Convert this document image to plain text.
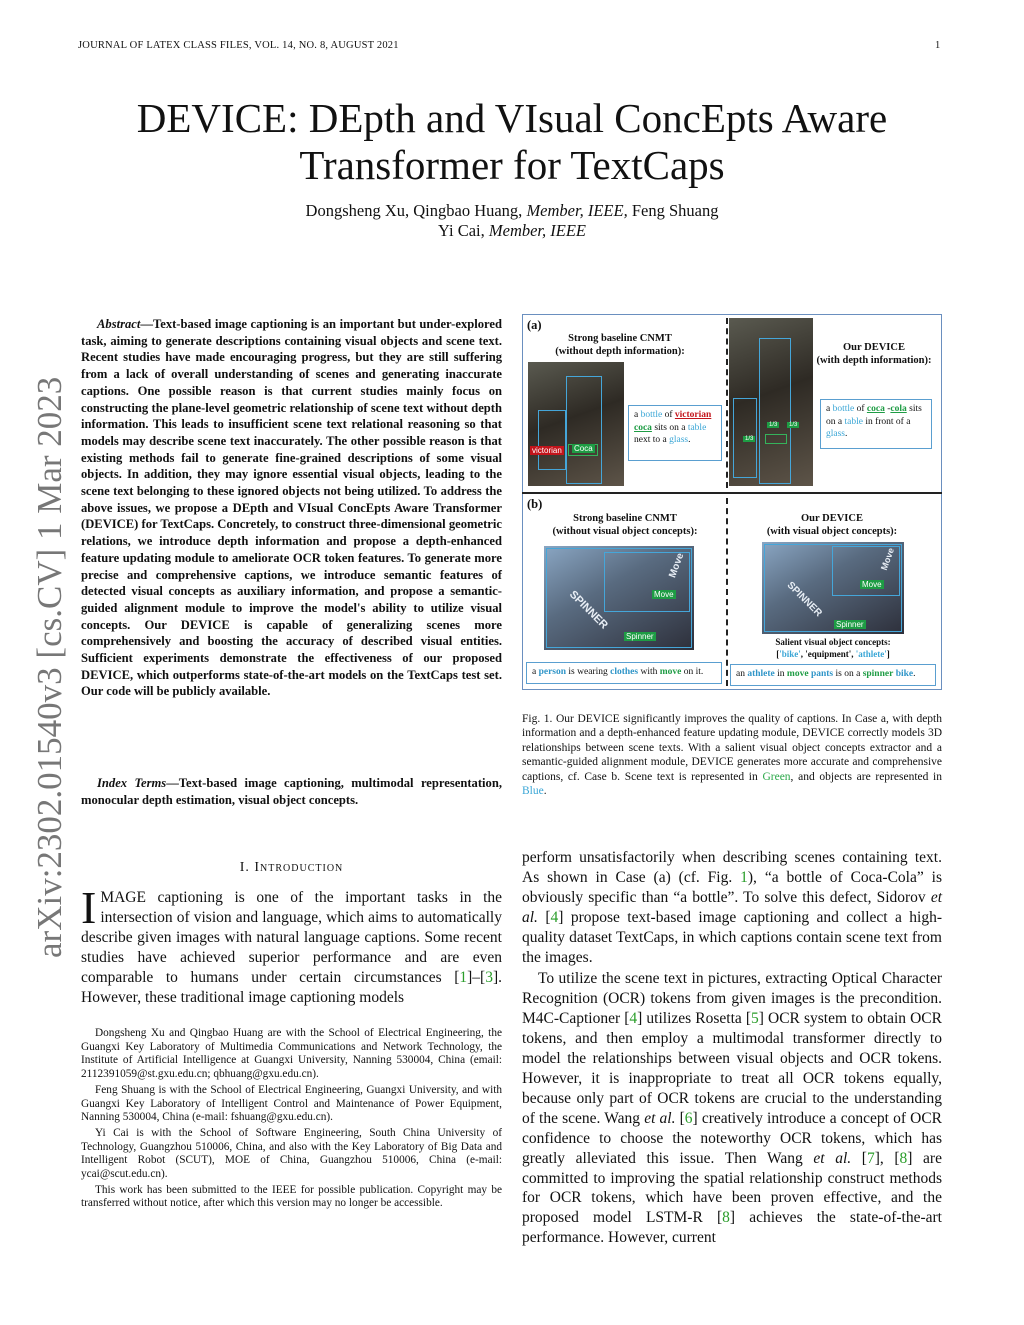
JOURNAL OF LATEX CLASS FILES, VOL. 14, NO. 8, AUGUST 2021	1
arXiv:2302.01540v3 [cs.CV] 1 Mar 2023
DEVICE: DEpth and VIsual ConcEpts Aware
Transformer for TextCaps
Dongsheng Xu, Qingbao Huang, Member, IEEE, Feng Shuang
Yi Cai, Member, IEEE
Abstract—Text-based image captioning is an important but under-explored task, aiming to generate descriptions containing visual objects and scene text. Recent studies have made encouraging progress, but they are still suffering from a lack of overall understanding of scenes and generating inaccurate captions. One possible reason is that current studies mainly focus on constructing the plane-level geometric relationship of scene text without depth information. This leads to insufficient scene text relational reasoning so that models may describe scene text inaccurately. The other possible reason is that existing methods fail to generate fine-grained descriptions of some visual objects. In addition, they may ignore essential visual objects, leading to the scene text belonging to these ignored objects not being utilized. To address the above issues, we propose a DEpth and VIsual ConcEpts Aware Transformer (DEVICE) for TextCaps. Concretely, to construct three-dimensional geometric relations, we introduce depth information and propose a depth-enhanced feature updating module to ameliorate OCR token features. To generate more precise and comprehensive captions, we introduce semantic features of detected visual concepts as auxiliary information, and propose a semantic-guided alignment module to improve the model's ability to utilize visual concepts. Our DEVICE is capable of generalizing scenes more comprehensively and boosting the accuracy of described visual entities. Sufficient experiments demonstrate the effectiveness of our proposed DEVICE, which outperforms state-of-the-art models on the TextCaps test set. Our code will be publicly available.
Index Terms—Text-based image captioning, multimodal representation, monocular depth estimation, visual object concepts.
I. Introduction
IMAGE captioning is one of the important tasks in the intersection of vision and language, which aims to automatically describe given images with natural language captions. Some recent studies have achieved superior performance and are even comparable to humans under certain circumstances [1]–[3]. However, these traditional image captioning models

Dongsheng Xu and Qingbao Huang are with the School of Electrical Engineering, the Guangxi Key Laboratory of Multimedia Communications and Network Technology, the Institute of Artificial Intelligence at Guangxi University, Nanning 530004, China (email: 2112391059@st.gxu.edu.cn; qbhuang@gxu.edu.cn).

Feng Shuang is with the School of Electrical Engineering, Guangxi University, and with Guangxi Key Laboratory of Intelligent Control and Maintenance of Power Equipment, Nanning 530004, China (e-mail: fshuang@gxu.edu.cn).

Yi Cai is with the School of Software Engineering, South China University of Technology, Guangzhou 510006, China, and also with the Key Laboratory of Big Data and Intelligent Robot (SCUT), MOE of China, Guangzhou 510006, China (e-mail: ycai@scut.edu.cn).

This work has been submitted to the IEEE for possible publication. Copyright may be transferred without notice, after which this version may no longer be accessible.

(a)
(b)
Strong baseline CNMT
(without depth information):
victorian Coca
a bottle of victorian coca sits on a table next to a glass.	1/3
1/3	1/3
Our DEVICE
(with depth information):
a bottle of coca -cola sits on a table in front of a glass.
Strong baseline CNMT
(without visual object concepts):
SPINNER
Move
Move
Spinner
a person is wearing clothes with move on it.
Our DEVICE
(with visual object concepts):
SPINNER
Move
Move
Spinner
Salient visual object concepts:
['bike', 'equipment', 'athlete']
an athlete in move pants is on a spinner bike.
Fig. 1. Our DEVICE significantly improves the quality of captions. In Case a, with depth information and a depth-enhanced feature updating module, DEVICE correctly models 3D relationships between scene texts. With a salient visual object concepts extractor and a semantic-guided alignment module, DEVICE generates more accurate and comprehensive captions, cf. Case b. Scene text is represented in Green, and objects are represented in Blue.

perform unsatisfactorily when describing scenes containing text. As shown in Case (a) (cf. Fig. 1), “a bottle of Coca-Cola” is obviously specific than “a bottle”. To solve this defect, Sidorov et al. [4] propose text-based image captioning and collect a high-quality dataset TextCaps, in which captions contain scene text from the images.

To utilize the scene text in pictures, extracting Optical Character Recognition (OCR) tokens from given images is the precondition. M4C-Captioner [4] utilizes Rosetta [5] OCR system to obtain OCR tokens, and then employ a multimodal transformer directly to model the relationships between visual objects and OCR tokens. However, it is inappropriate to treat all OCR tokens equally, because only part of OCR tokens are crucial to the understanding of the scene. Wang et al. [6] creatively introduce a concept of OCR confidence to choose the noteworthy OCR tokens, which has greatly alleviated this issue. Then Wang et al. [7], [8] are committed to improving the spatial relationship construct methods for OCR tokens, which have been proven effective, and the proposed model LSTM-R [8] achieves the state-of-the-art performance. However, current
